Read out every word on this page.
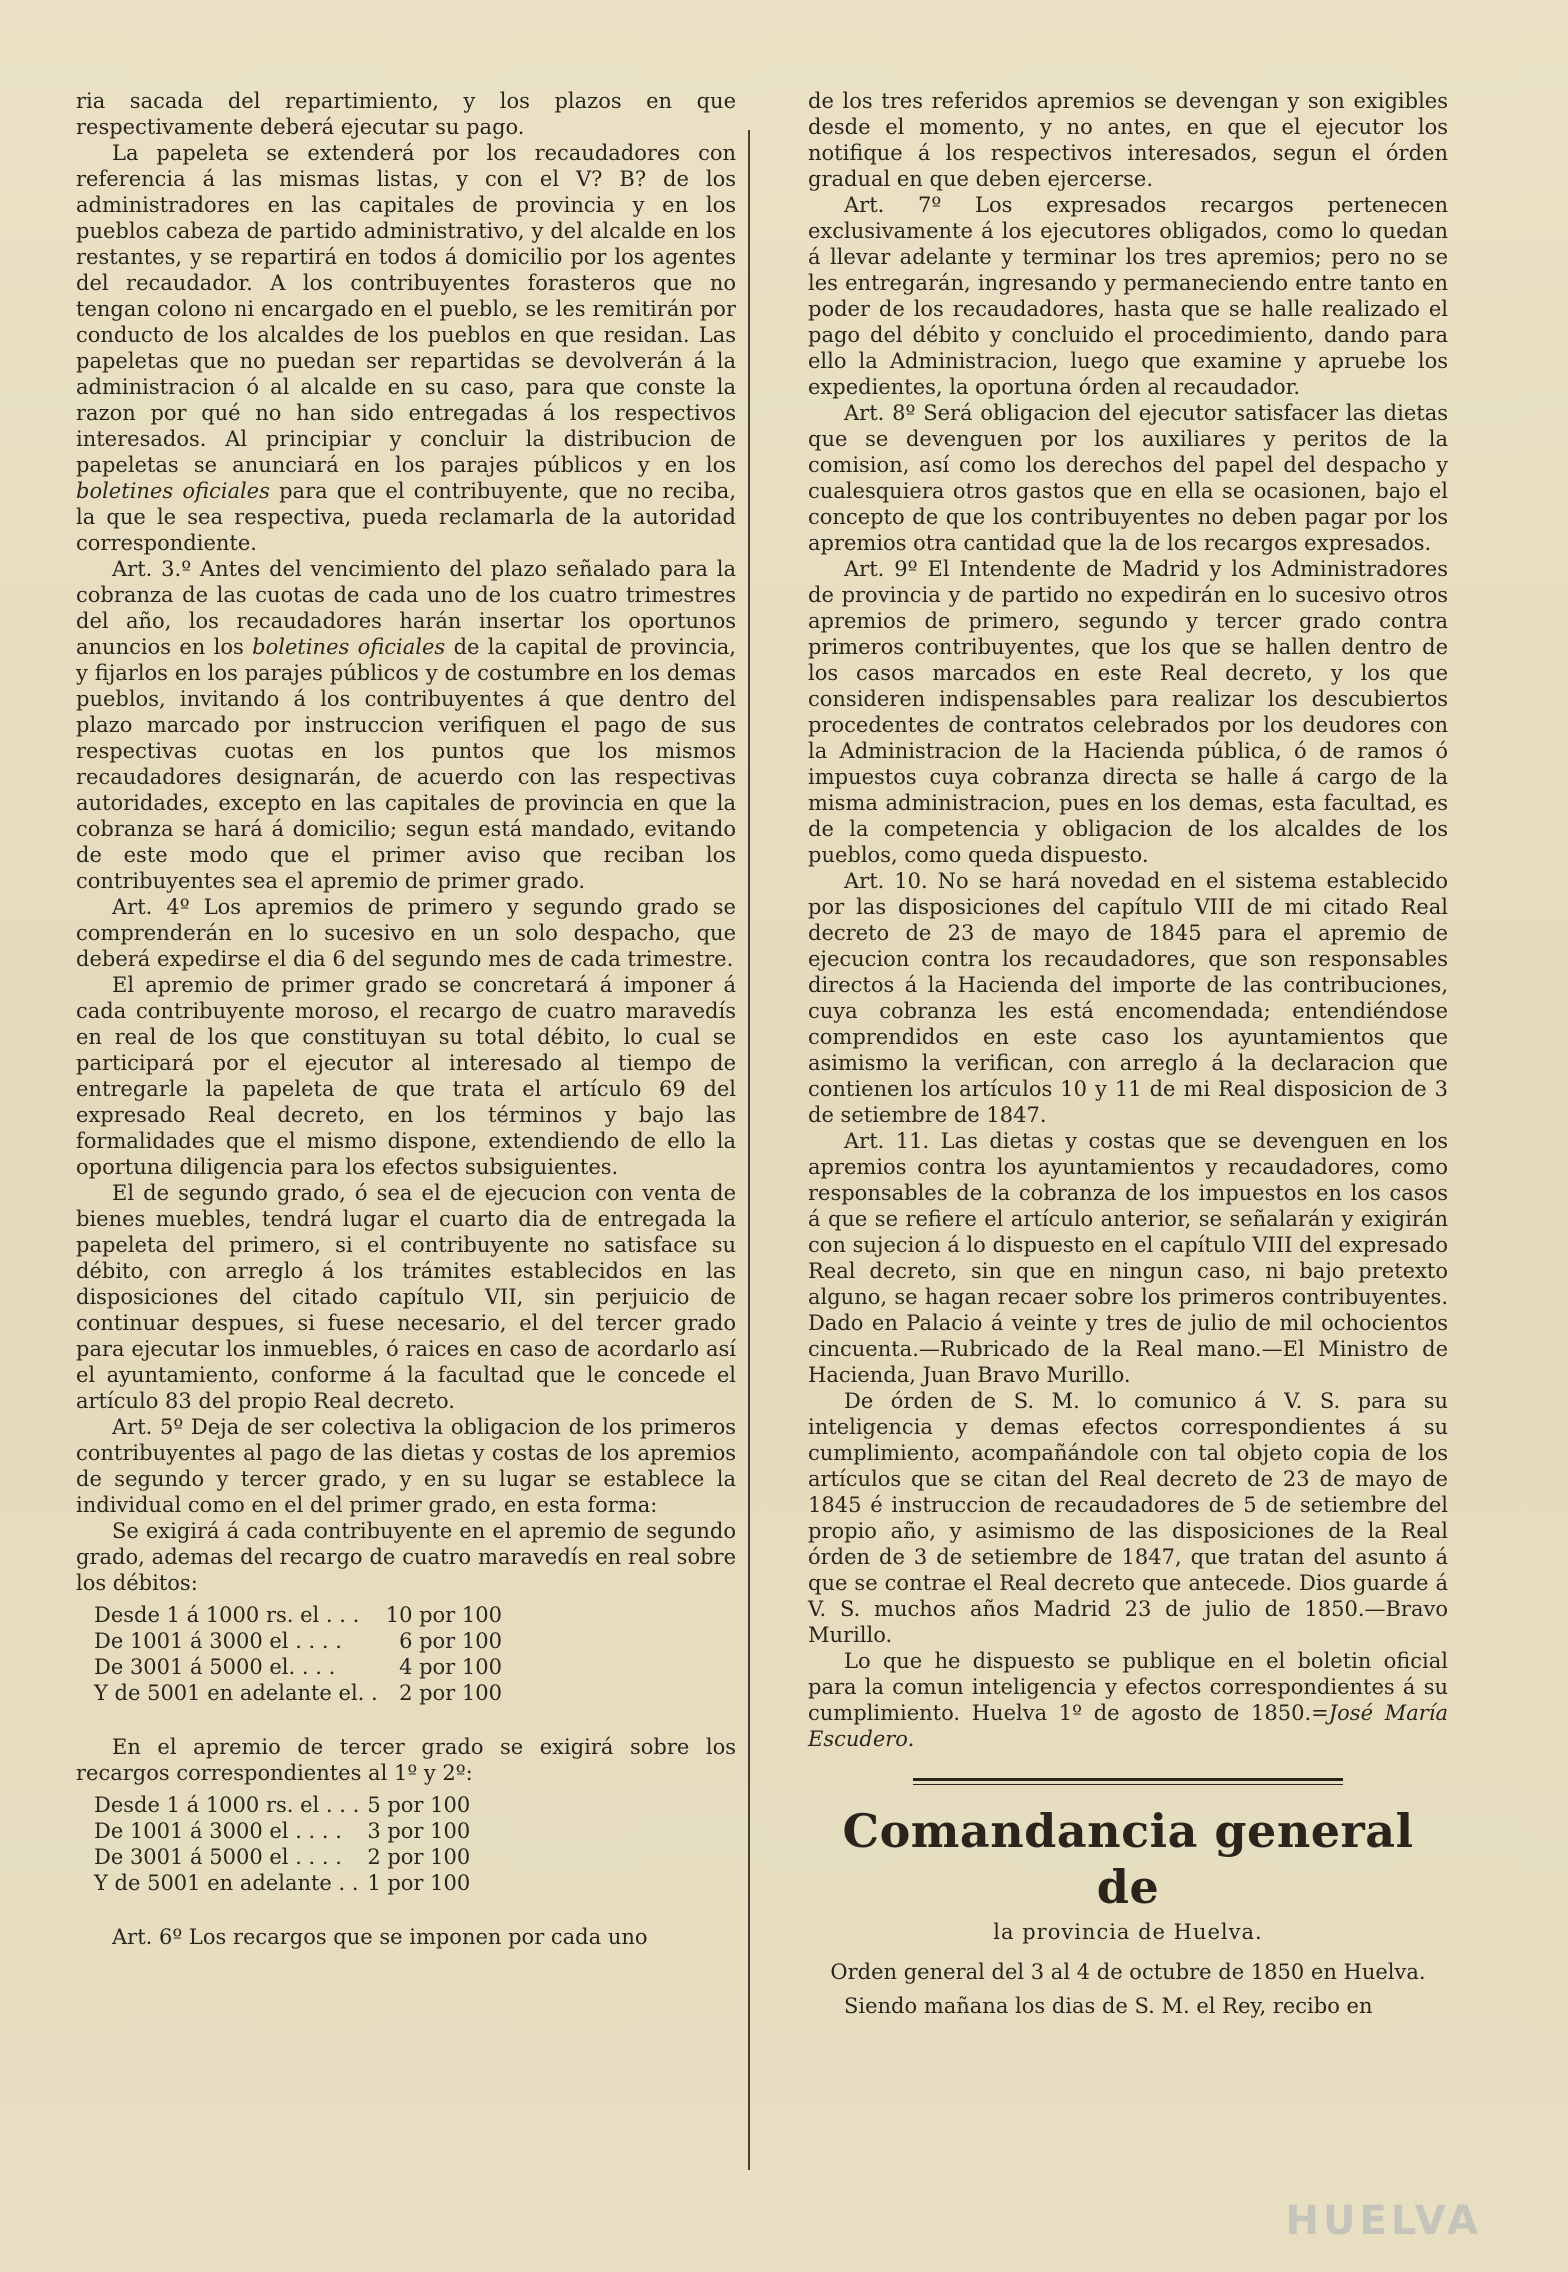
ria sacada del repartimiento, y los plazos en que respectivamente deberá ejecutar su pago.

La papeleta se extenderá por los recaudadores con referencia á las mismas listas, y con el V? B? de los administradores en las capitales de provincia y en los pueblos cabeza de partido administrativo, y del alcalde en los restantes, y se repartirá en todos á domicilio por los agentes del recaudador. A los contribuyentes forasteros que no tengan colono ni encargado en el pueblo, se les remitirán por conducto de los alcaldes de los pueblos en que residan. Las papeletas que no puedan ser repartidas se devolverán á la administracion ó al alcalde en su caso, para que conste la razon por qué no han sido entregadas á los respectivos interesados. Al principiar y concluir la distribucion de papeletas se anunciará en los parajes públicos y en los boletines oficiales para que el contribuyente, que no reciba, la que le sea respectiva, pueda reclamarla de la autoridad correspondiente.

Art. 3.º Antes del vencimiento del plazo señalado para la cobranza de las cuotas de cada uno de los cuatro trimestres del año, los recaudadores harán insertar los oportunos anuncios en los boletines oficiales de la capital de provincia, y fijarlos en los parajes públicos y de costumbre en los demas pueblos, invitando á los contribuyentes á que dentro del plazo marcado por instruccion verifiquen el pago de sus respectivas cuotas en los puntos que los mismos recaudadores designarán, de acuerdo con las respectivas autoridades, excepto en las capitales de provincia en que la cobranza se hará á domicilio; segun está mandado, evitando de este modo que el primer aviso que reciban los contribuyentes sea el apremio de primer grado.

Art. 4º Los apremios de primero y segundo grado se comprenderán en lo sucesivo en un solo despacho, que deberá expedirse el dia 6 del segundo mes de cada trimestre.

El apremio de primer grado se concretará á imponer á cada contribuyente moroso, el recargo de cuatro maravedís en real de los que constituyan su total débito, lo cual se participará por el ejecutor al interesado al tiempo de entregarle la papeleta de que trata el artículo 69 del expresado Real decreto, en los términos y bajo las formalidades que el mismo dispone, extendiendo de ello la oportuna diligencia para los efectos subsiguientes.

El de segundo grado, ó sea el de ejecucion con venta de bienes muebles, tendrá lugar el cuarto dia de entregada la papeleta del primero, si el contribuyente no satisface su débito, con arreglo á los trámites establecidos en las disposiciones del citado capítulo VII, sin perjuicio de continuar despues, si fuese necesario, el del tercer grado para ejecutar los inmuebles, ó raices en caso de acordarlo así el ayuntamiento, conforme á la facultad que le concede el artículo 83 del propio Real decreto.

Art. 5º Deja de ser colectiva la obligacion de los primeros contribuyentes al pago de las dietas y costas de los apremios de segundo y tercer grado, y en su lugar se establece la individual como en el del primer grado, en esta forma:

Se exigirá á cada contribuyente en el apremio de segundo grado, ademas del recargo de cuatro maravedís en real sobre los débitos:

Desde 1 á 1000 rs. el . . .	10 por 100
De 1001 á 3000 el . . . .	6 por 100
De 3001 á 5000 el. . . .	4 por 100
Y de 5001 en adelante el. .	2 por 100

En el apremio de tercer grado se exigirá sobre los recargos correspondientes al 1º y 2º:

Desde 1 á 1000 rs. el . . .	5 por 100
De 1001 á 3000 el . . . .	3 por 100
De 3001 á 5000 el . . . .	2 por 100
Y de 5001 en adelante . .	1 por 100

Art. 6º Los recargos que se imponen por cada uno

de los tres referidos apremios se devengan y son exigibles desde el momento, y no antes, en que el ejecutor los notifique á los respectivos interesados, segun el órden gradual en que deben ejercerse.

Art. 7º Los expresados recargos pertenecen exclusivamente á los ejecutores obligados, como lo quedan á llevar adelante y terminar los tres apremios; pero no se les entregarán, ingresando y permaneciendo entre tanto en poder de los recaudadores, hasta que se halle realizado el pago del débito y concluido el procedimiento, dando para ello la Administracion, luego que examine y apruebe los expedientes, la oportuna órden al recaudador.

Art. 8º Será obligacion del ejecutor satisfacer las dietas que se devenguen por los auxiliares y peritos de la comision, así como los derechos del papel del despacho y cualesquiera otros gastos que en ella se ocasionen, bajo el concepto de que los contribuyentes no deben pagar por los apremios otra cantidad que la de los recargos expresados.

Art. 9º El Intendente de Madrid y los Administradores de provincia y de partido no expedirán en lo sucesivo otros apremios de primero, segundo y tercer grado contra primeros contribuyentes, que los que se hallen dentro de los casos marcados en este Real decreto, y los que consideren indispensables para realizar los descubiertos procedentes de contratos celebrados por los deudores con la Administracion de la Hacienda pública, ó de ramos ó impuestos cuya cobranza directa se halle á cargo de la misma administracion, pues en los demas, esta facultad, es de la competencia y obligacion de los alcaldes de los pueblos, como queda dispuesto.

Art. 10. No se hará novedad en el sistema establecido por las disposiciones del capítulo VIII de mi citado Real decreto de 23 de mayo de 1845 para el apremio de ejecucion contra los recaudadores, que son responsables directos á la Hacienda del importe de las contribuciones, cuya cobranza les está encomendada; entendiéndose comprendidos en este caso los ayuntamientos que asimismo la verifican, con arreglo á la declaracion que contienen los artículos 10 y 11 de mi Real disposicion de 3 de setiembre de 1847.

Art. 11. Las dietas y costas que se devenguen en los apremios contra los ayuntamientos y recaudadores, como responsables de la cobranza de los impuestos en los casos á que se refiere el artículo anterior, se señalarán y exigirán con sujecion á lo dispuesto en el capítulo VIII del expresado Real decreto, sin que en ningun caso, ni bajo pretexto alguno, se hagan recaer sobre los primeros contribuyentes. Dado en Palacio á veinte y tres de julio de mil ochocientos cincuenta.—Rubricado de la Real mano.—El Ministro de Hacienda, Juan Bravo Murillo.

De órden de S. M. lo comunico á V. S. para su inteligencia y demas efectos correspondientes á su cumplimiento, acompañándole con tal objeto copia de los artículos que se citan del Real decreto de 23 de mayo de 1845 é instruccion de recaudadores de 5 de setiembre del propio año, y asimismo de las disposiciones de la Real órden de 3 de setiembre de 1847, que tratan del asunto á que se contrae el Real decreto que antecede. Dios guarde á V. S. muchos años Madrid 23 de julio de 1850.—Bravo Murillo.

Lo que he dispuesto se publique en el boletin oficial para la comun inteligencia y efectos correspondientes á su cumplimiento. Huelva 1º de agosto de 1850.=José María Escudero.

Comandancia general de
la provincia de Huelva.

Orden general del 3 al 4 de octubre de 1850 en Huelva.

Siendo mañana los dias de S. M. el Rey, recibo en

HUELVA
